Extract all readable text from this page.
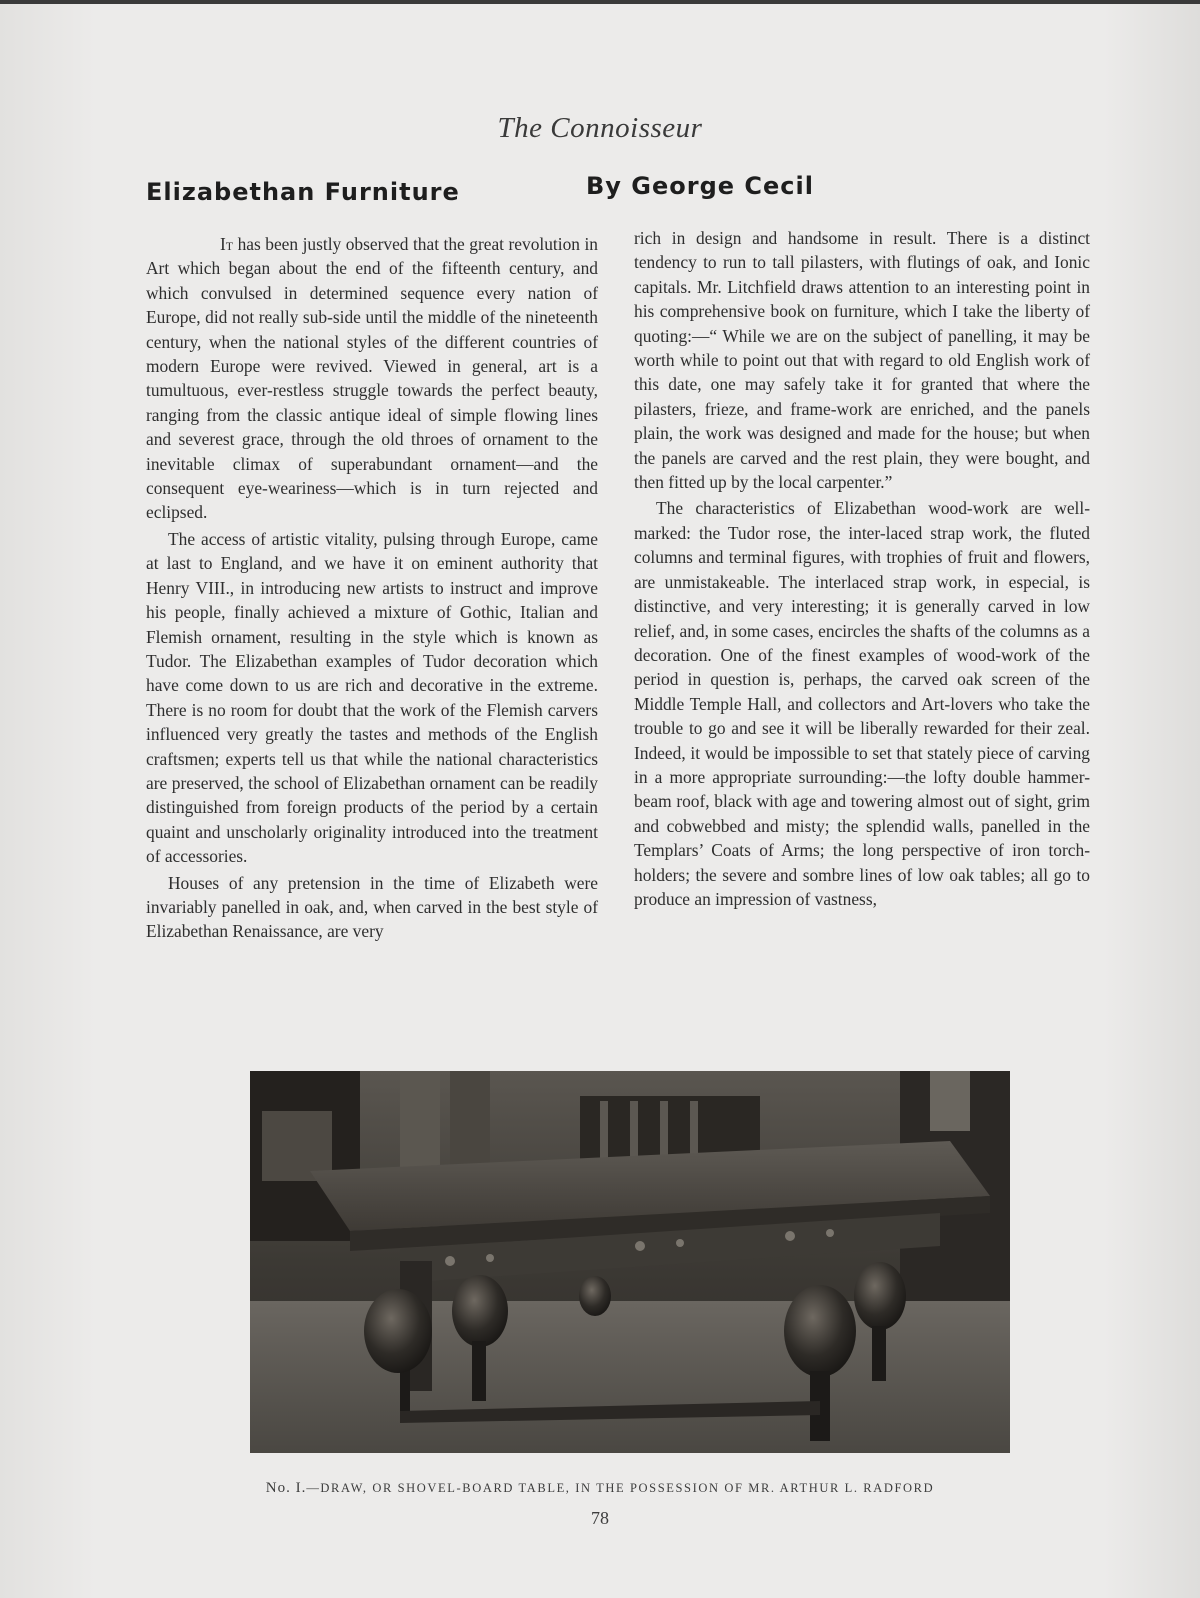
The Connoisseur
Elizabethan Furniture	By George Cecil

It has been justly observed that the great revolution in Art which began about the end of the fifteenth century, and which convulsed in determined sequence every nation of Europe, did not really sub-side until the middle of the nineteenth century, when the national styles of the different countries of modern Europe were revived. Viewed in general, art is a tumultuous, ever-restless struggle towards the perfect beauty, ranging from the classic antique ideal of simple flowing lines and severest grace, through the old throes of ornament to the inevitable climax of superabundant ornament—and the consequent eye-weariness—which is in turn rejected and eclipsed.

The access of artistic vitality, pulsing through Europe, came at last to England, and we have it on eminent authority that Henry VIII., in introducing new artists to instruct and improve his people, finally achieved a mixture of Gothic, Italian and Flemish ornament, resulting in the style which is known as Tudor. The Elizabethan examples of Tudor decoration which have come down to us are rich and decorative in the extreme. There is no room for doubt that the work of the Flemish carvers influenced very greatly the tastes and methods of the English craftsmen; experts tell us that while the national characteristics are preserved, the school of Elizabethan ornament can be readily distinguished from foreign products of the period by a certain quaint and unscholarly originality introduced into the treatment of accessories.

Houses of any pretension in the time of Elizabeth were invariably panelled in oak, and, when carved in the best style of Elizabethan Renaissance, are very

rich in design and handsome in result. There is a distinct tendency to run to tall pilasters, with flutings of oak, and Ionic capitals. Mr. Litchfield draws attention to an interesting point in his comprehensive book on furniture, which I take the liberty of quoting:—“ While we are on the subject of panelling, it may be worth while to point out that with regard to old English work of this date, one may safely take it for granted that where the pilasters, frieze, and frame-work are enriched, and the panels plain, the work was designed and made for the house; but when the panels are carved and the rest plain, they were bought, and then fitted up by the local carpenter.”

The characteristics of Elizabethan wood-work are well-marked: the Tudor rose, the inter-laced strap work, the fluted columns and terminal figures, with trophies of fruit and flowers, are unmistakeable. The interlaced strap work, in especial, is distinctive, and very interesting; it is generally carved in low relief, and, in some cases, encircles the shafts of the columns as a decoration. One of the finest examples of wood-work of the period in question is, perhaps, the carved oak screen of the Middle Temple Hall, and collectors and Art-lovers who take the trouble to go and see it will be liberally rewarded for their zeal. Indeed, it would be impossible to set that stately piece of carving in a more appropriate surrounding:—the lofty double hammer-beam roof, black with age and towering almost out of sight, grim and cobwebbed and misty; the splendid walls, panelled in the Templars’ Coats of Arms; the long perspective of iron torch-holders; the severe and sombre lines of low oak tables; all go to produce an impression of vastness,

No. I.—DRAW, OR SHOVEL-BOARD TABLE, IN THE POSSESSION OF MR. ARTHUR L. RADFORD
78
